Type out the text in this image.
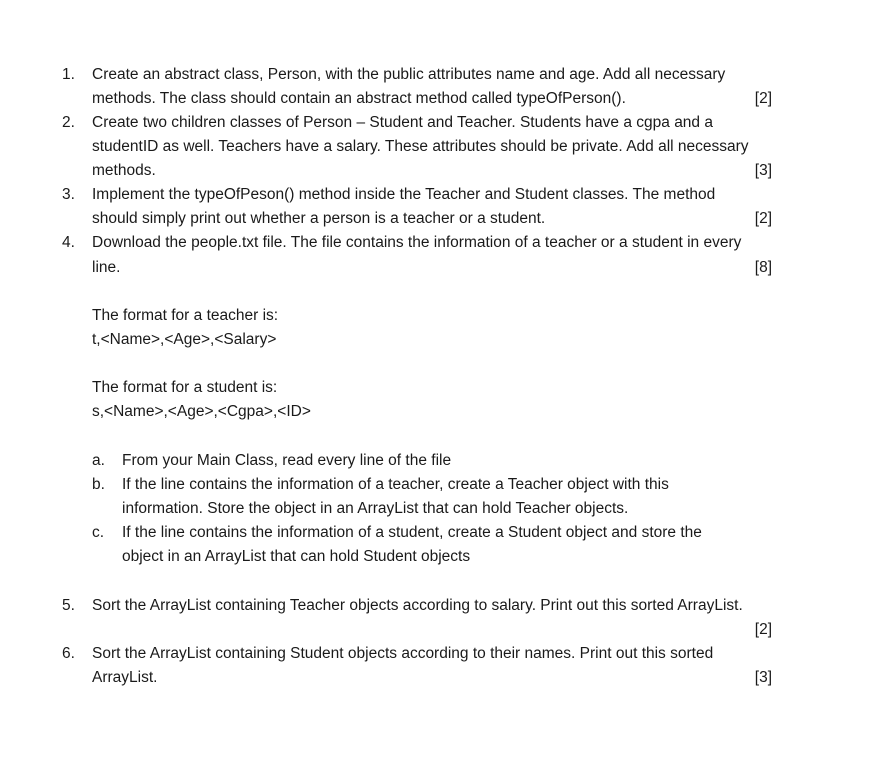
1. Create an abstract class, Person, with the public attributes name and age. Add all necessary
methods. The class should contain an abstract method called typeOfPerson().	[2]
2. Create two children classes of Person – Student and Teacher. Students have a cgpa and a
studentID as well. Teachers have a salary. These attributes should be private. Add all necessary
methods.	[3]
3. Implement the typeOfPeson() method inside the Teacher and Student classes. The method
should simply print out whether a person is a teacher or a student.	[2]
4. Download the people.txt file. The file contains the information of a teacher or a student in every
line.	[8]
The format for a teacher is:
t,<Name>,<Age>,<Salary>
The format for a student is:
s,<Name>,<Age>,<Cgpa>,<ID>
a. From your Main Class, read every line of the file
b. If the line contains the information of a teacher, create a Teacher object with this
information. Store the object in an ArrayList that can hold Teacher objects.
c. If the line contains the information of a student, create a Student object and store the
object in an ArrayList that can hold Student objects
5. Sort the ArrayList containing Teacher objects according to salary. Print out this sorted ArrayList.
[2]
6. Sort the ArrayList containing Student objects according to their names. Print out this sorted
ArrayList.	[3]
